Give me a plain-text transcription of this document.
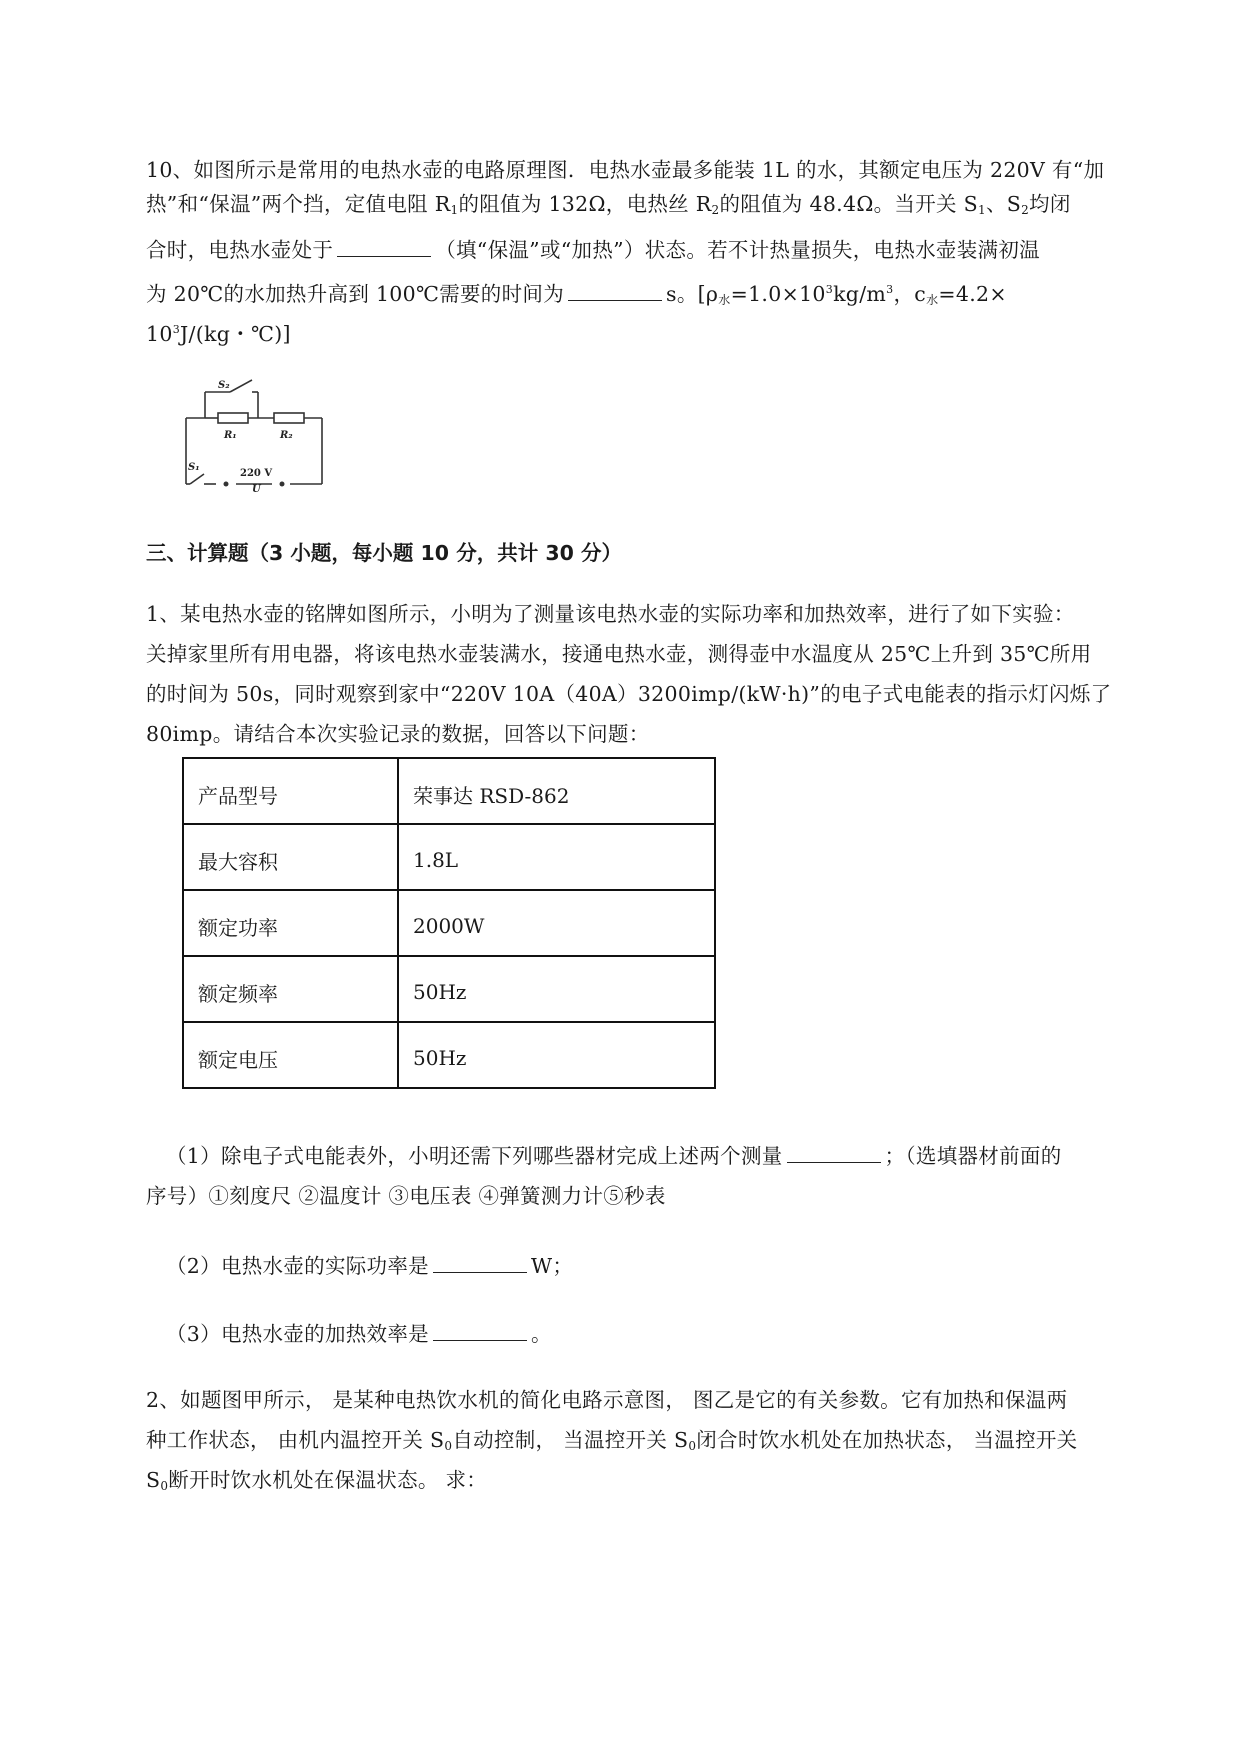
10、如图所示是常用的电热水壶的电路原理图．电热水壶最多能装 1L 的水，其额定电压为 220V 有“加
热”和“保温”两个挡，定值电阻 $R_1$的阻值为 132Ω，电热丝 $R_2$的阻值为 48.4Ω。当开关 $S_1$、$S_2$均闭
合时，电热水壶处于	（填“保温”或“加热”）状态。若不计热量损失，电热水壶装满初温
为 20℃的水加热升高到 100℃需要的时间为	s。[$\rho_水=1.0\times 10^3kg/m^3$，$c_水=4.2\times$
$10^3J/(kg$・℃)]
S₂
R₁	R₂
S₁
220 V
U
三、计算题（3 小题，每小题 10 分，共计 30 分）
1、某电热水壶的铭牌如图所示，小明为了测量该电热水壶的实际功率和加热效率，进行了如下实验：
关掉家里所有用电器，将该电热水壶装满水，接通电热水壶，测得壶中水温度从 25℃上升到 35℃所用
的时间为 50s，同时观察到家中“220V 10A（40A）3200imp/(kW·h)”的电子式电能表的指示灯闪烁了
80imp。请结合本次实验记录的数据，回答以下问题：
产品型号	荣事达 RSD-862
最大容积	1.8L
额定功率	2000W
额定频率	50Hz
额定电压	50Hz
（1）除电子式电能表外，小明还需下列哪些器材完成上述两个测量	；（选填器材前面的
序号）①刻度尺 ②温度计 ③电压表 ④弹簧测力计⑤秒表
（2）电热水壶的实际功率是	W；
（3）电热水壶的加热效率是	。
2、如题图甲所示， 是某种电热饮水机的简化电路示意图， 图乙是它的有关参数。它有加热和保温两
种工作状态， 由机内温控开关 $S_0$自动控制， 当温控开关 $S_0$闭合时饮水机处在加热状态， 当温控开关
$S_0$断开时饮水机处在保温状态。 求：
